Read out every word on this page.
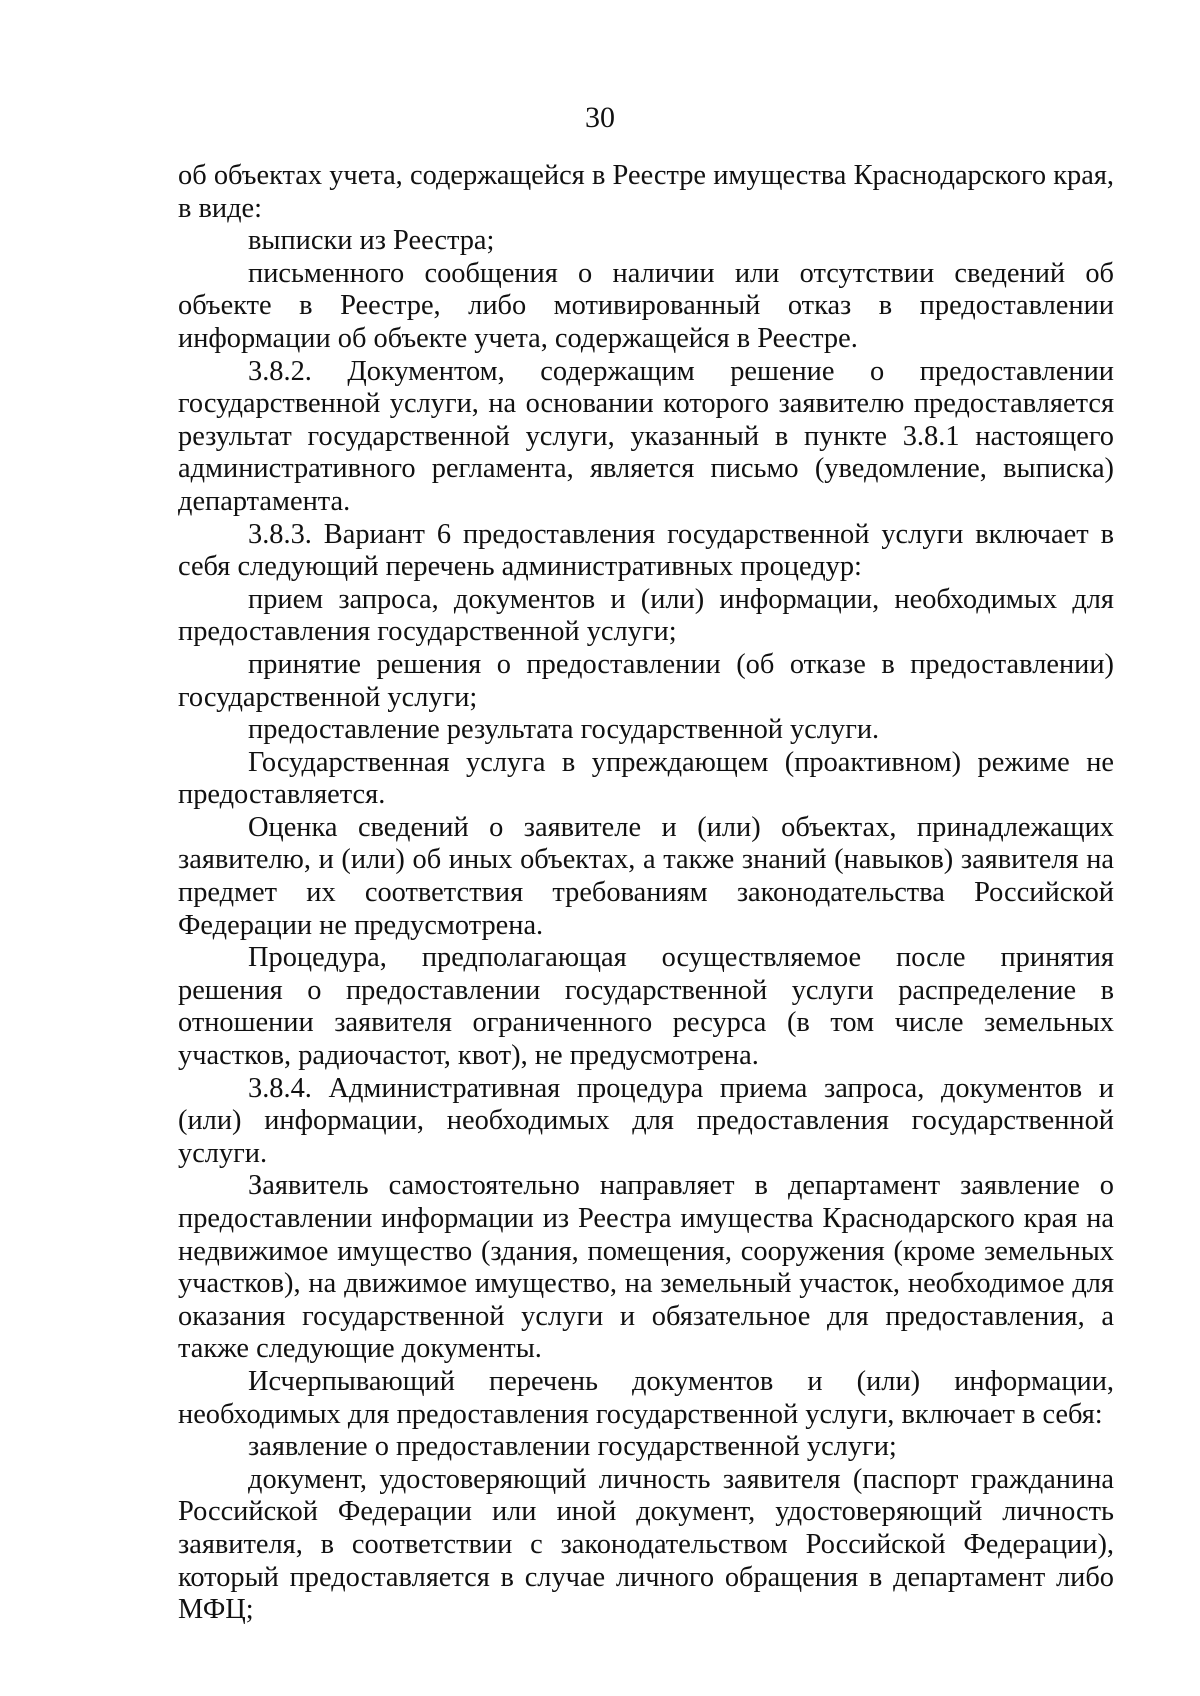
30

об объектах учета, содержащейся в Реестре имущества Краснодарского края, в виде:

выписки из Реестра;

письменного сообщения о наличии или отсутствии сведений об объекте в Реестре, либо мотивированный отказ в предоставлении информации об объекте учета, содержащейся в Реестре.

3.8.2. Документом, содержащим решение о предоставлении государственной услуги, на основании которого заявителю предоставляется результат государственной услуги, указанный в пункте 3.8.1 настоящего административного регламента, является письмо (уведомление, выписка) департамента.

3.8.3. Вариант 6 предоставления государственной услуги включает в себя следующий перечень административных процедур:

прием запроса, документов и (или) информации, необходимых для предоставления государственной услуги;

принятие решения о предоставлении (об отказе в предоставлении) государственной услуги;

предоставление результата государственной услуги.

Государственная услуга в упреждающем (проактивном) режиме не предоставляется.

Оценка сведений о заявителе и (или) объектах, принадлежащих заявителю, и (или) об иных объектах, а также знаний (навыков) заявителя на предмет их соответствия требованиям законодательства Российской Федерации не предусмотрена.

Процедура, предполагающая осуществляемое после принятия решения о предоставлении государственной услуги распределение в отношении заявителя ограниченного ресурса (в том числе земельных участков, радиочастот, квот), не предусмотрена.

3.8.4. Административная процедура приема запроса, документов и (или) информации, необходимых для предоставления государственной услуги.

Заявитель самостоятельно направляет в департамент заявление о предоставлении информации из Реестра имущества Краснодарского края на недвижимое имущество (здания, помещения, сооружения (кроме земельных участков), на движимое имущество, на земельный участок, необходимое для оказания государственной услуги и обязательное для предоставления, а также следующие документы.

Исчерпывающий перечень документов и (или) информации, необходимых для предоставления государственной услуги, включает в себя:

заявление о предоставлении государственной услуги;

документ, удостоверяющий личность заявителя (паспорт гражданина Российской Федерации или иной документ, удостоверяющий личность заявителя, в соответствии с законодательством Российской Федерации), который предоставляется в случае личного обращения в департамент либо МФЦ;
